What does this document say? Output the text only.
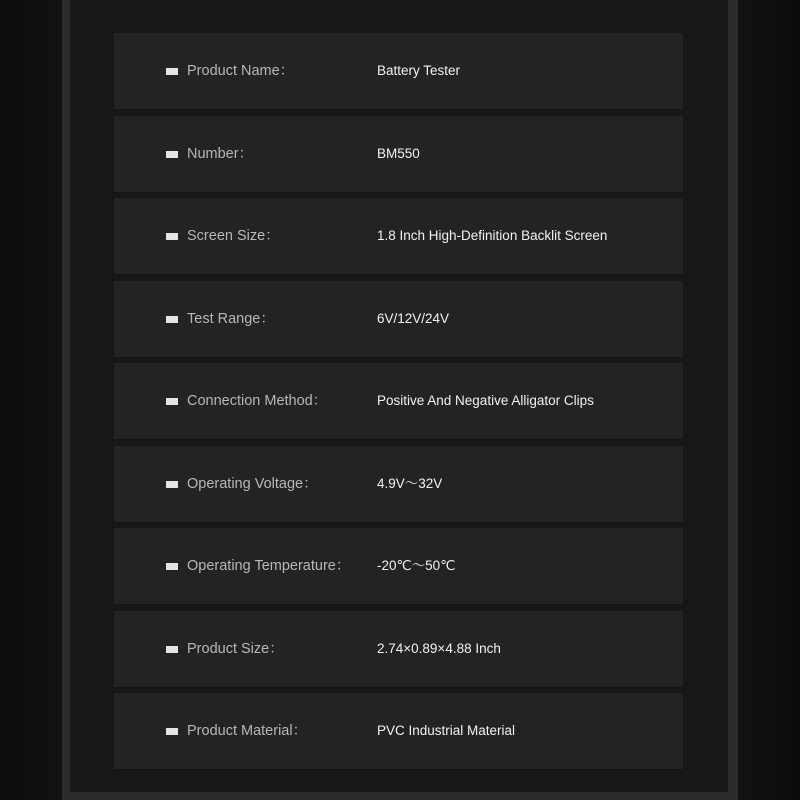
Product Name：	Battery Tester
Number：	BM550
Screen Size：	1.8 Inch High-Definition Backlit Screen
Test Range：	6V/12V/24V
Connection Method：	Positive And Negative Alligator Clips
Operating Voltage：	4.9V～32V
Operating Temperature： -20℃～50℃
Product Size：	2.74×0.89×4.88 Inch
Product Material：	PVC Industrial Material
